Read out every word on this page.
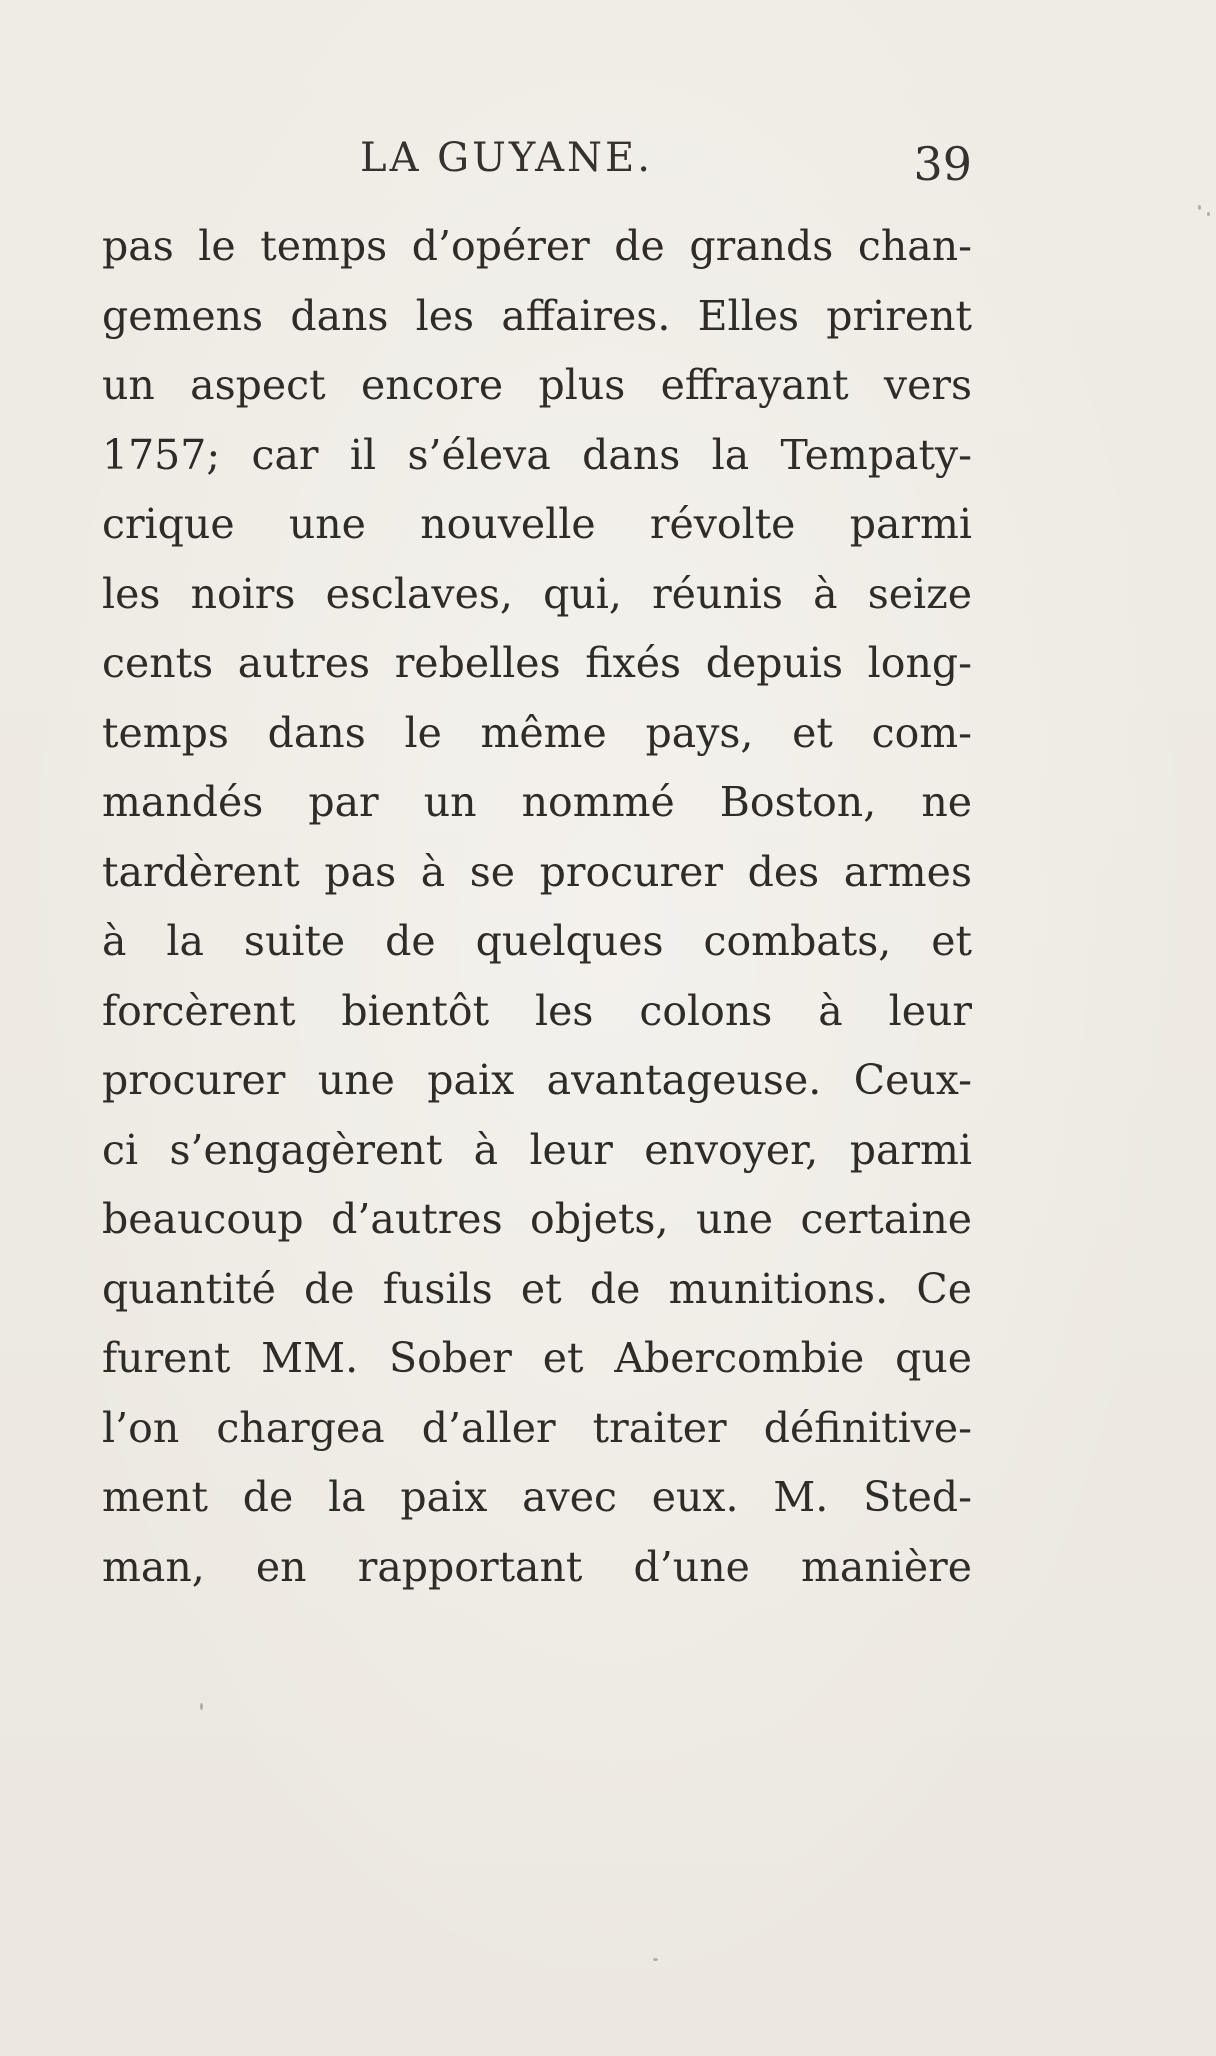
LA GUYANE.	39
pas le temps d’opérer de grands chan-
gemens dans les affaires. Elles prirent
un aspect encore plus effrayant vers
1757; car il s’éleva dans la Tempaty-
crique une nouvelle révolte parmi
les noirs esclaves, qui, réunis à seize
cents autres rebelles fixés depuis long-
temps dans le même pays, et com-
mandés par un nommé Boston, ne
tardèrent pas à se procurer des armes
à la suite de quelques combats, et
forcèrent bientôt les colons à leur
procurer une paix avantageuse. Ceux-
ci s’engagèrent à leur envoyer, parmi
beaucoup d’autres objets, une certaine
quantité de fusils et de munitions. Ce
furent MM. Sober et Abercombie que
l’on chargea d’aller traiter définitive-
ment de la paix avec eux. M. Sted-
man, en rapportant d’une manière
